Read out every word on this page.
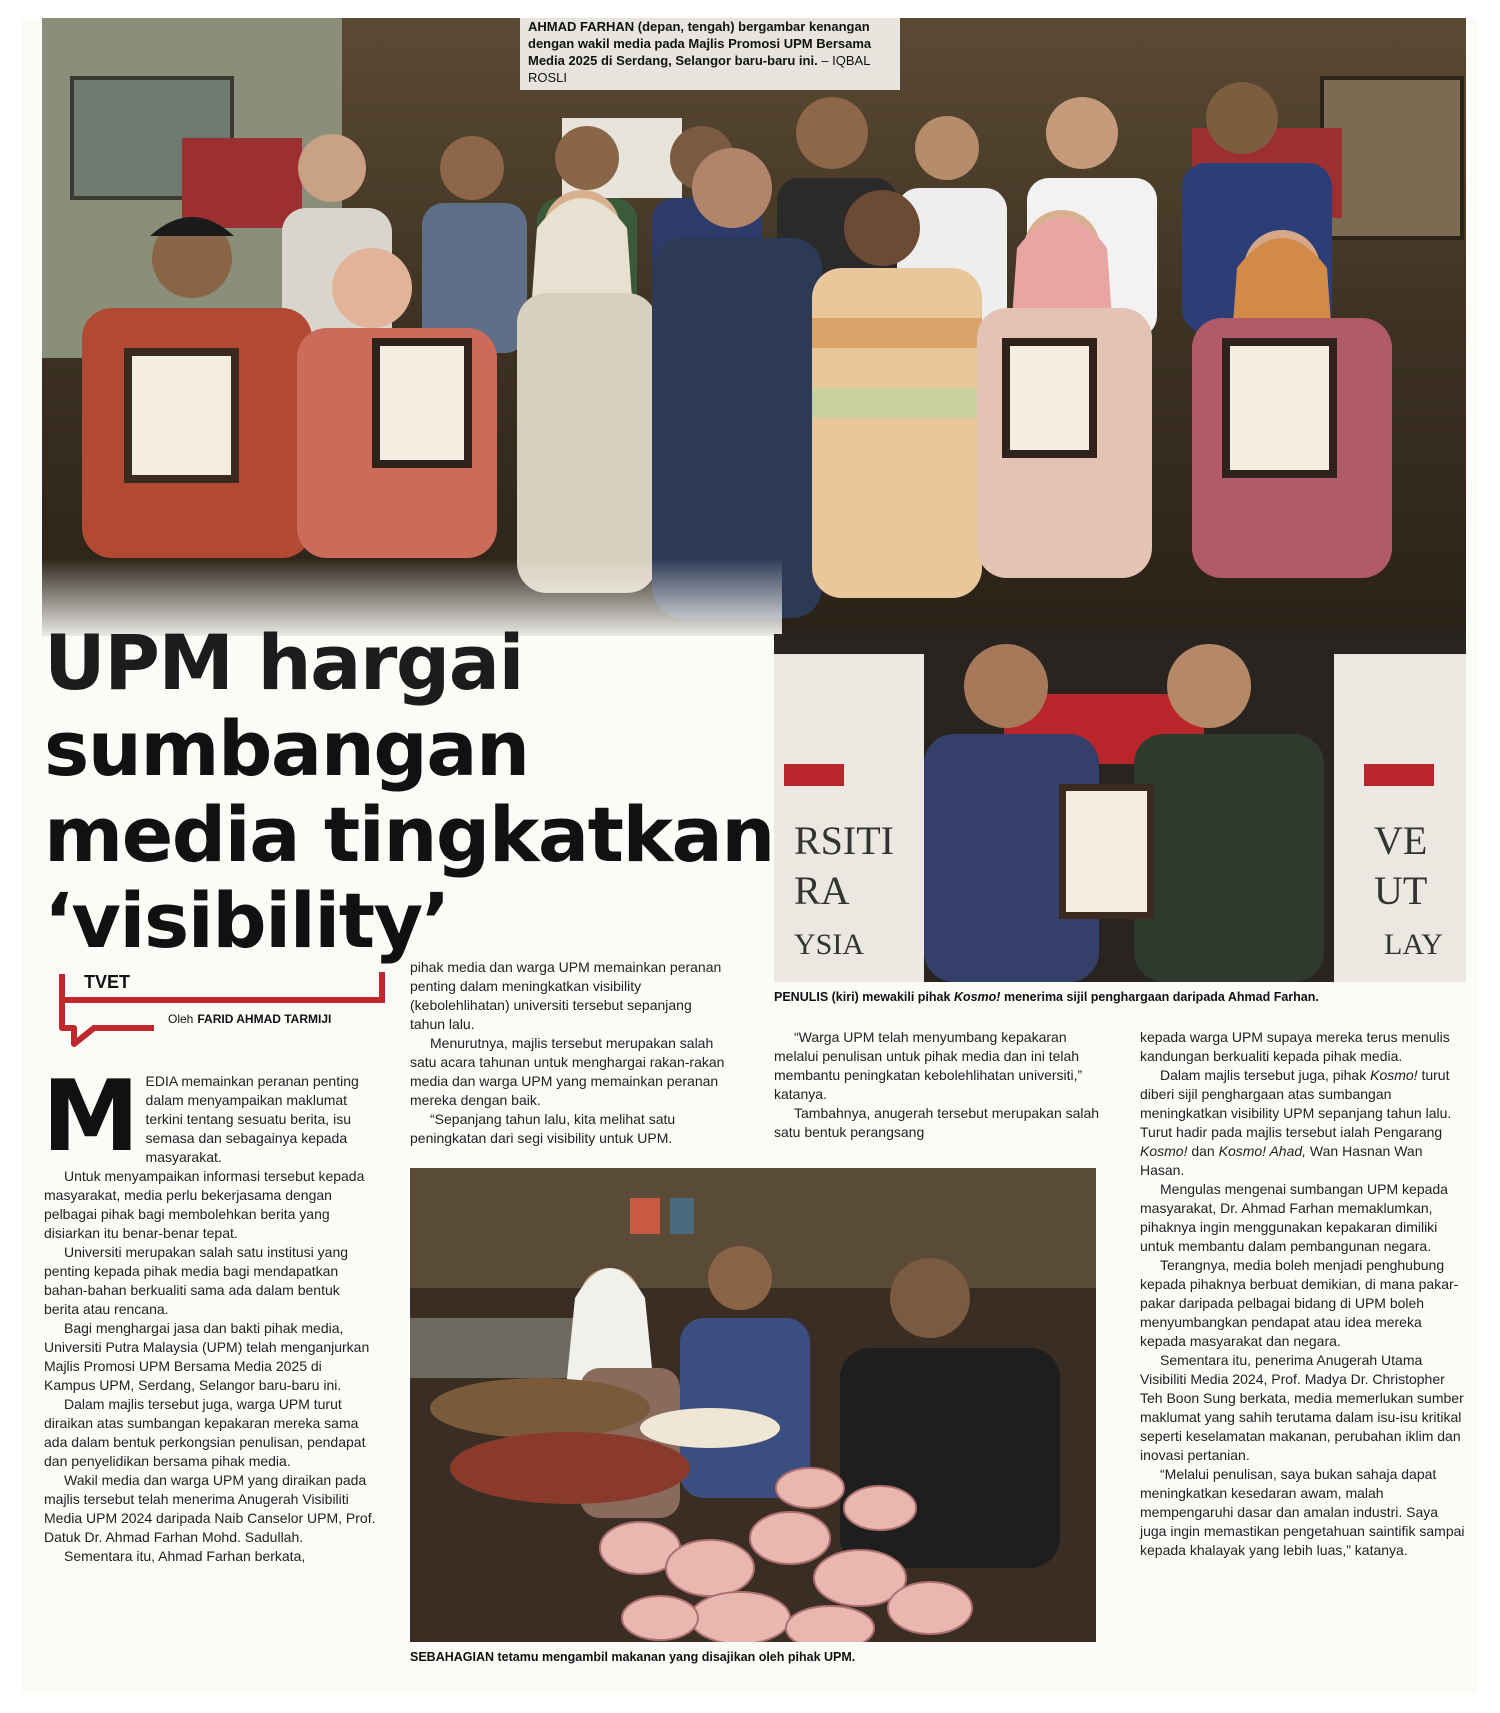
AHMAD FARHAN (depan, tengah) bergambar kenangan dengan wakil media pada Majlis Promosi UPM Bersama Media 2025 di Serdang, Selangor baru-baru ini. – IQBAL ROSLI
RSITI
RA
YSIA
VE
UT
LAY
PENULIS (kiri) mewakili pihak Kosmo! menerima sijil penghargaan daripada Ahmad Farhan.
UPM hargai
sumbangan
media tingkatkan
‘visibility’
TVET
Oleh FARID AHMAD TARMIJI

MEDIA memainkan peranan penting dalam menyampaikan maklumat terkini tentang sesuatu berita, isu semasa dan sebagainya kepada masyarakat.

Untuk menyampaikan informasi tersebut kepada masyarakat, media perlu bekerjasama dengan pelbagai pihak bagi membolehkan berita yang disiarkan itu benar-benar tepat.

Universiti merupakan salah satu institusi yang penting kepada pihak media bagi mendapatkan bahan-bahan berkualiti sama ada dalam bentuk berita atau rencana.

Bagi menghargai jasa dan bakti pihak media, Universiti Putra Malaysia (UPM) telah menganjurkan Majlis Promosi UPM Bersama Media 2025 di Kampus UPM, Serdang, Selangor baru-baru ini.

Dalam majlis tersebut juga, warga UPM turut diraikan atas sumbangan kepakaran mereka sama ada dalam bentuk perkongsian penulisan, pendapat dan penyelidikan bersama pihak media.

Wakil media dan warga UPM yang diraikan pada majlis tersebut telah menerima Anugerah Visibiliti Media UPM 2024 daripada Naib Canselor UPM, Prof. Datuk Dr. Ahmad Farhan Mohd. Sadullah.

Sementara itu, Ahmad Farhan berkata,

pihak media dan warga UPM memainkan peranan penting dalam meningkatkan visibility (kebolehlihatan) universiti tersebut sepanjang tahun lalu.

Menurutnya, majlis tersebut merupakan salah satu acara tahunan untuk menghargai rakan-rakan media dan warga UPM yang memainkan peranan mereka dengan baik.

“Sepanjang tahun lalu, kita melihat satu peningkatan dari segi visibility untuk UPM.

SEBAHAGIAN tetamu mengambil makanan yang disajikan oleh pihak UPM.

“Warga UPM telah menyumbang kepakaran melalui penulisan untuk pihak media dan ini telah membantu peningkatan kebolehlihatan universiti,” katanya.

Tambahnya, anugerah tersebut merupakan salah satu bentuk perangsang

kepada warga UPM supaya mereka terus menulis kandungan berkualiti kepada pihak media.

Dalam majlis tersebut juga, pihak Kosmo! turut diberi sijil penghargaan atas sumbangan meningkatkan visibility UPM sepanjang tahun lalu. Turut hadir pada majlis tersebut ialah Pengarang Kosmo! dan Kosmo! Ahad, Wan Hasnan Wan Hasan.

Mengulas mengenai sumbangan UPM kepada masyarakat, Dr. Ahmad Farhan memaklumkan, pihaknya ingin menggunakan kepakaran dimiliki untuk membantu dalam pembangunan negara.

Terangnya, media boleh menjadi penghubung kepada pihaknya berbuat demikian, di mana pakar-pakar daripada pelbagai bidang di UPM boleh menyumbangkan pendapat atau idea mereka kepada masyarakat dan negara.

Sementara itu, penerima Anugerah Utama Visibiliti Media 2024, Prof. Madya Dr. Christopher Teh Boon Sung berkata, media memerlukan sumber maklumat yang sahih terutama dalam isu-isu kritikal seperti keselamatan makanan, perubahan iklim dan inovasi pertanian.

“Melalui penulisan, saya bukan sahaja dapat meningkatkan kesedaran awam, malah mempengaruhi dasar dan amalan industri. Saya juga ingin memastikan pengetahuan saintifik sampai kepada khalayak yang lebih luas,” katanya.
